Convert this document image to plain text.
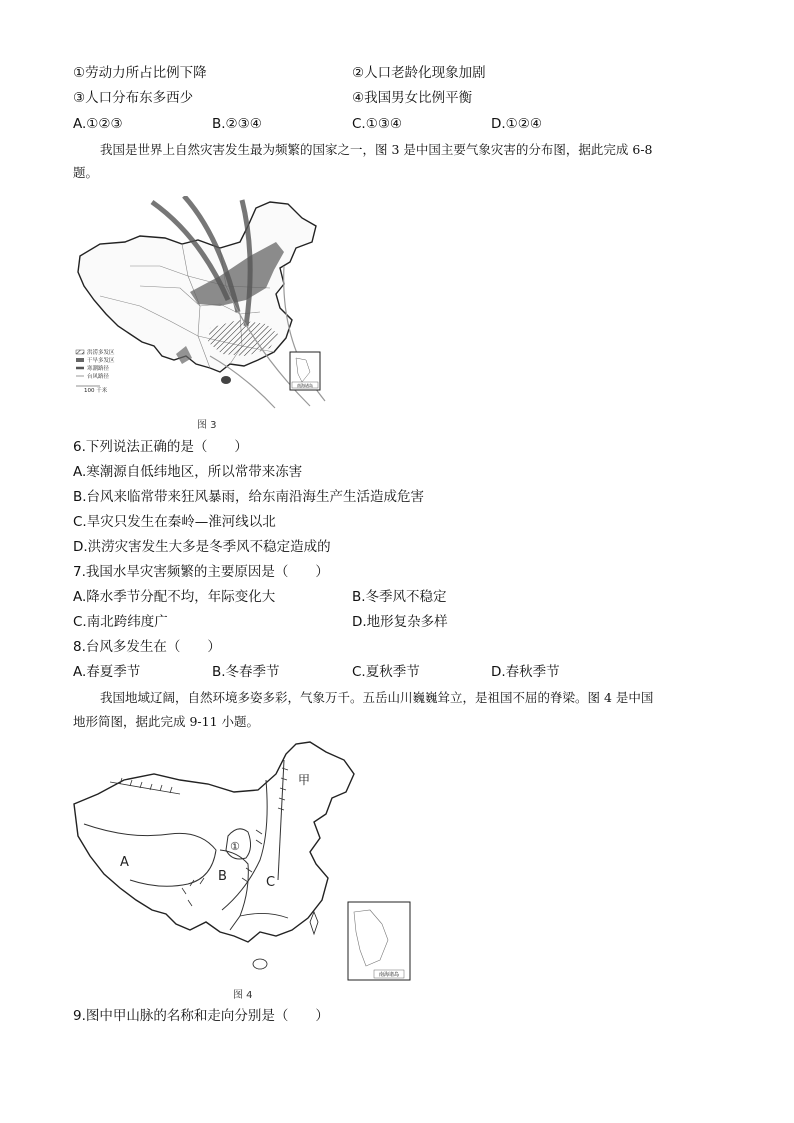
①劳动力所占比例下降	②人口老龄化现象加剧
③人口分布东多西少	④我国男女比例平衡
A.①②③	B.②③④	C.①③④	D.①②④
我国是世界上自然灾害发生最为频繁的国家之一，图 3 是中国主要气象灾害的分布图，据此完成 6-8
题。
洪涝多发区
干旱多发区
寒潮路径
台风路径
100 千米
南海诸岛
图 3
6.下列说法正确的是（　　）
A.寒潮源自低纬地区，所以常带来冻害
B.台风来临常带来狂风暴雨，给东南沿海生产生活造成危害
C.旱灾只发生在秦岭—淮河线以北
D.洪涝灾害发生大多是冬季风不稳定造成的
7.我国水旱灾害频繁的主要原因是（　　）
A.降水季节分配不均，年际变化大	B.冬季风不稳定
C.南北跨纬度广	D.地形复杂多样
8.台风多发生在（　　）
A.春夏季节	B.冬春季节	C.夏秋季节	D.春秋季节
我国地域辽阔，自然环境多姿多彩，气象万千。五岳山川巍巍耸立，是祖国不屈的脊梁。图 4 是中国
地形简图，据此完成 9-11 小题。
A
B	C
①
甲
南海诸岛
图 4
9.图中甲山脉的名称和走向分别是（　　）
